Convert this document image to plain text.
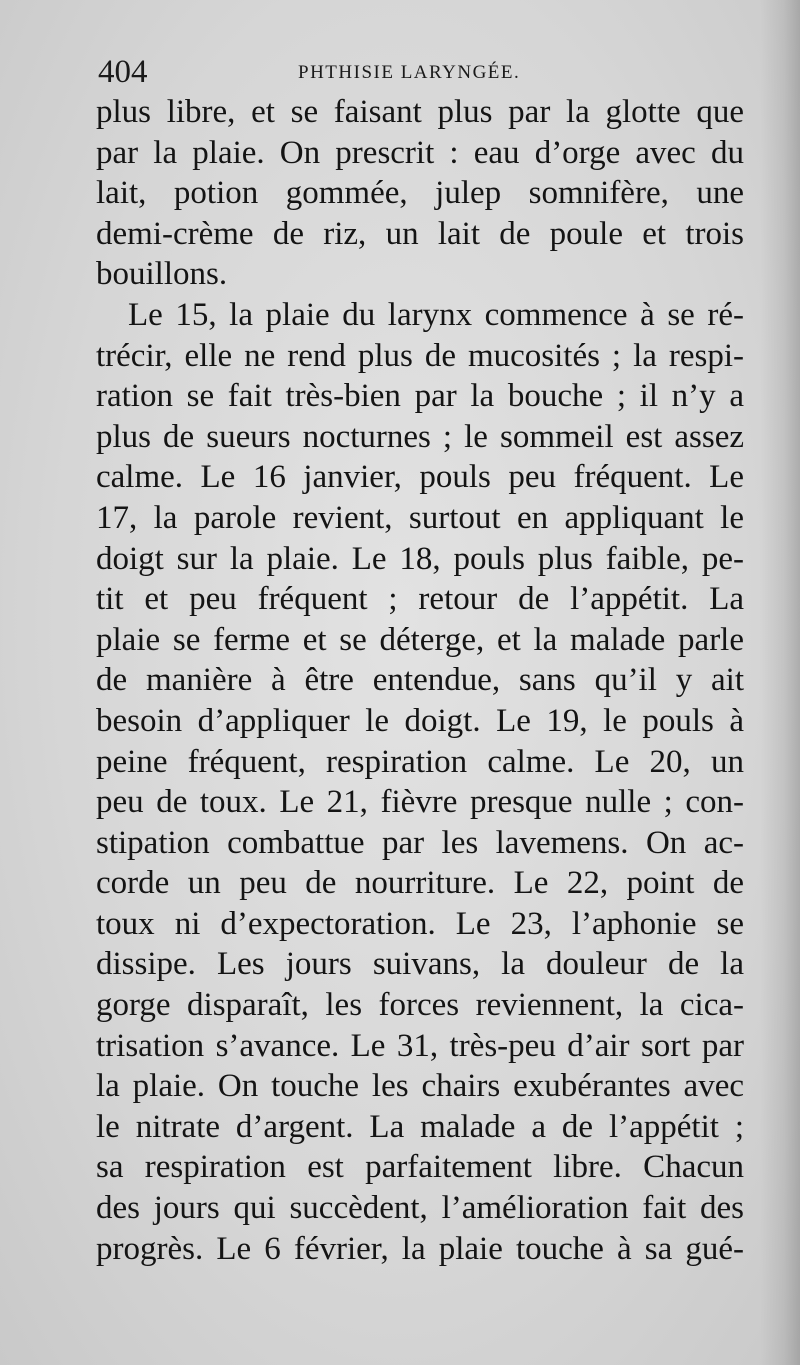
404	PHTHISIE LARYNGÉE.
plus libre, et se faisant plus par la glotte que
par la plaie. On prescrit : eau d’orge avec du
lait, potion gommée, julep somnifère, une
demi-crème de riz, un lait de poule et trois
bouillons.
Le 15, la plaie du larynx commence à se ré-
trécir, elle ne rend plus de mucosités ; la respi-
ration se fait très-bien par la bouche ; il n’y a
plus de sueurs nocturnes ; le sommeil est assez
calme. Le 16 janvier, pouls peu fréquent. Le
17, la parole revient, surtout en appliquant le
doigt sur la plaie. Le 18, pouls plus faible, pe-
tit et peu fréquent ; retour de l’appétit. La
plaie se ferme et se déterge, et la malade parle
de manière à être entendue, sans qu’il y ait
besoin d’appliquer le doigt. Le 19, le pouls à
peine fréquent, respiration calme. Le 20, un
peu de toux. Le 21, fièvre presque nulle ; con-
stipation combattue par les lavemens. On ac-
corde un peu de nourriture. Le 22, point de
toux ni d’expectoration. Le 23, l’aphonie se
dissipe. Les jours suivans, la douleur de la
gorge disparaît, les forces reviennent, la cica-
trisation s’avance. Le 31, très-peu d’air sort par
la plaie. On touche les chairs exubérantes avec
le nitrate d’argent. La malade a de l’appétit ;
sa respiration est parfaitement libre. Chacun
des jours qui succèdent, l’amélioration fait des
progrès. Le 6 février, la plaie touche à sa gué-
